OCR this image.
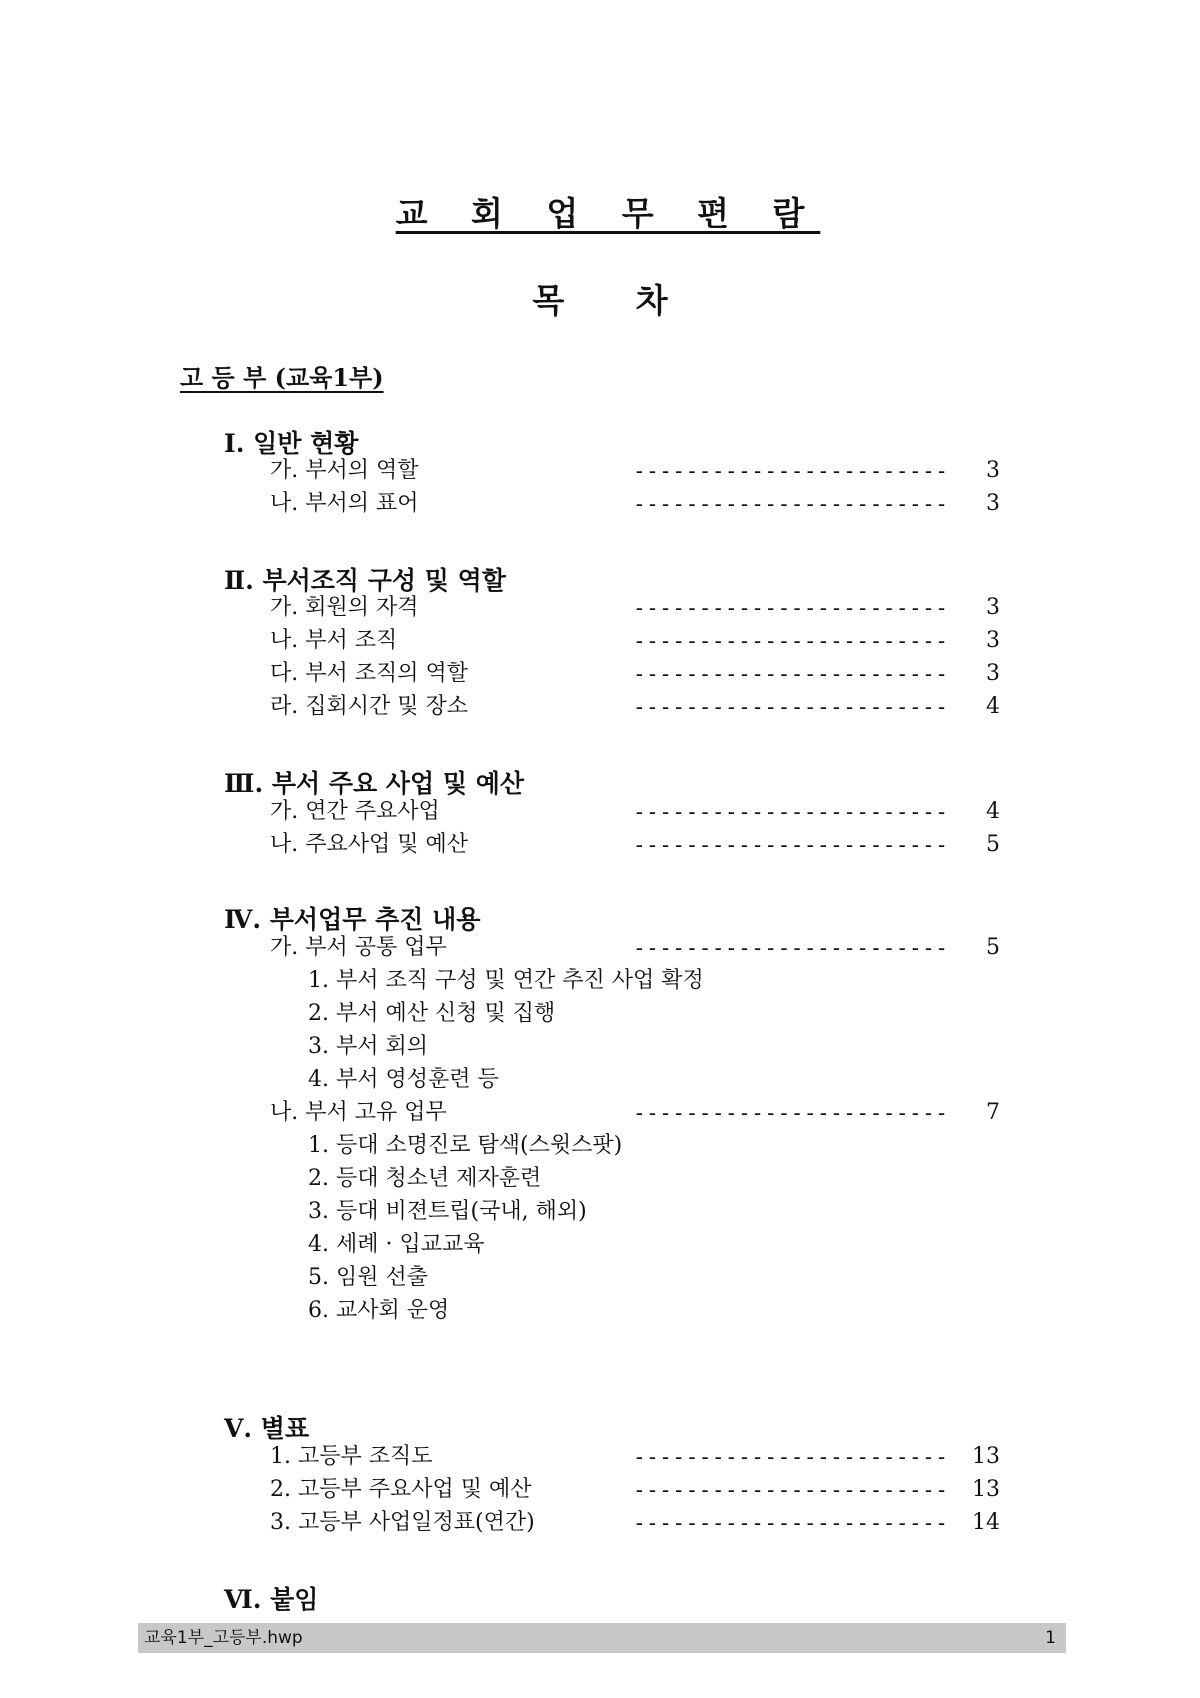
교 회 업 무 편 람
목 차
고 등 부 (교육1부)
Ⅰ. 일반 현황
가. 부서의 역할	------------------------	3
나. 부서의 표어	------------------------	3
Ⅱ. 부서조직 구성 및 역할
가. 회원의 자격	------------------------	3
나. 부서 조직	------------------------	3
다. 부서 조직의 역할	------------------------	3
라. 집회시간 및 장소	------------------------	4
Ⅲ. 부서 주요 사업 및 예산
가. 연간 주요사업	------------------------	4
나. 주요사업 및 예산	------------------------	5
Ⅳ. 부서업무 추진 내용
가. 부서 공통 업무	------------------------	5
1. 부서 조직 구성 및 연간 추진 사업 확정
2. 부서 예산 신청 및 집행
3. 부서 회의
4. 부서 영성훈련 등
나. 부서 고유 업무	------------------------	7
1. 등대 소명진로 탐색(스윗스팟)
2. 등대 청소년 제자훈련
3. 등대 비젼트립(국내, 해외)
4. 세례 · 입교교육
5. 임원 선출
6. 교사회 운영
Ⅴ. 별표
1. 고등부 조직도	------------------------	13
2. 고등부 주요사업 및 예산	------------------------	13
3. 고등부 사업일정표(연간)	------------------------	14
Ⅵ. 붙임
교육1부_고등부.hwp	1
